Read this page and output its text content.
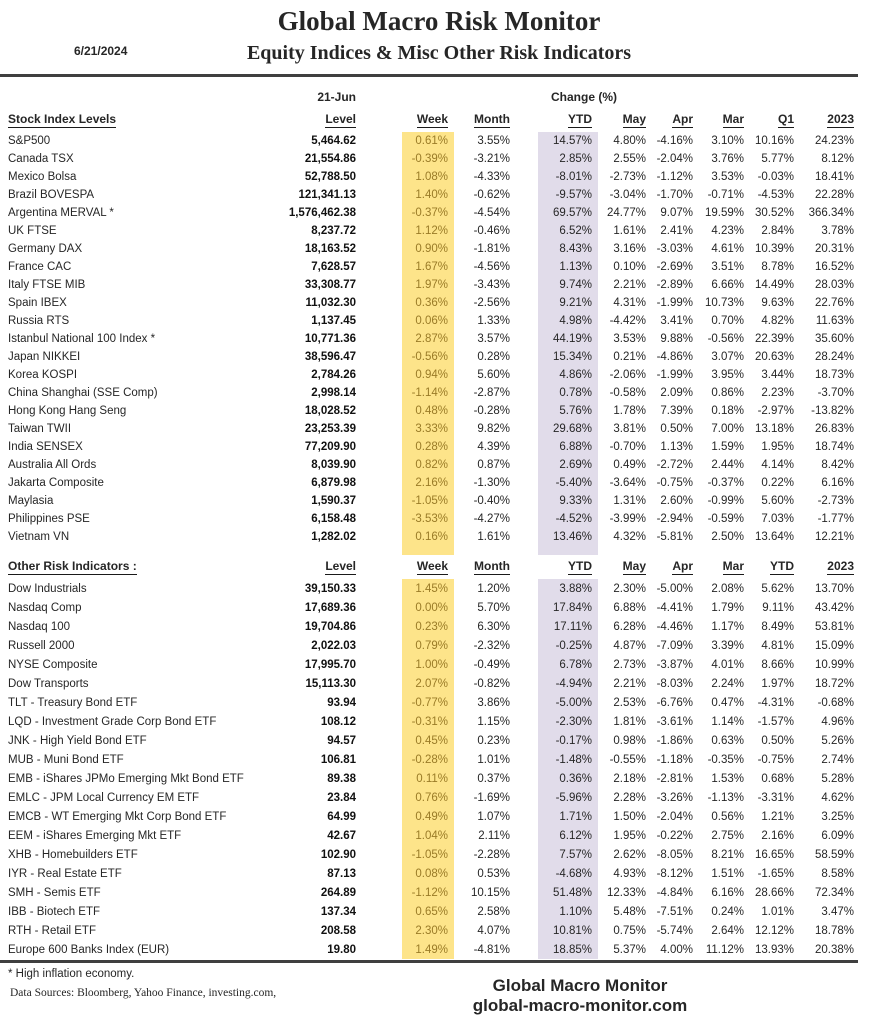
6/21/2024
Global Macro Risk Monitor
Equity Indices & Misc Other Risk Indicators
	21-Jun				Change (%)						
Stock Index Levels	Level		Week	Month		YTD	May	Apr	Mar	Q1	2023
S&P500	5,464.62		0.61%	3.55%		14.57%	4.80%	-4.16%	3.10%	10.16%	24.23%
Canada TSX	21,554.86		-0.39%	-3.21%		2.85%	2.55%	-2.04%	3.76%	5.77%	8.12%
Mexico Bolsa	52,788.50		1.08%	-4.33%		-8.01%	-2.73%	-1.12%	3.53%	-0.03%	18.41%
Brazil BOVESPA	121,341.13		1.40%	-0.62%		-9.57%	-3.04%	-1.70%	-0.71%	-4.53%	22.28%
Argentina MERVAL *	1,576,462.38		-0.37%	-4.54%		69.57%	24.77%	9.07%	19.59%	30.52%	366.34%
UK FTSE	8,237.72		1.12%	-0.46%		6.52%	1.61%	2.41%	4.23%	2.84%	3.78%
Germany DAX	18,163.52		0.90%	-1.81%		8.43%	3.16%	-3.03%	4.61%	10.39%	20.31%
France CAC	7,628.57		1.67%	-4.56%		1.13%	0.10%	-2.69%	3.51%	8.78%	16.52%
Italy FTSE MIB	33,308.77		1.97%	-3.43%		9.74%	2.21%	-2.89%	6.66%	14.49%	28.03%
Spain IBEX	11,032.30		0.36%	-2.56%		9.21%	4.31%	-1.99%	10.73%	9.63%	22.76%
Russia RTS	1,137.45		0.06%	1.33%		4.98%	-4.42%	3.41%	0.70%	4.82%	11.63%
Istanbul National 100 Index *	10,771.36		2.87%	3.57%		44.19%	3.53%	9.88%	-0.56%	22.39%	35.60%
Japan NIKKEI	38,596.47		-0.56%	0.28%		15.34%	0.21%	-4.86%	3.07%	20.63%	28.24%
Korea KOSPI	2,784.26		0.94%	5.60%		4.86%	-2.06%	-1.99%	3.95%	3.44%	18.73%
China Shanghai (SSE Comp)	2,998.14		-1.14%	-2.87%		0.78%	-0.58%	2.09%	0.86%	2.23%	-3.70%
Hong Kong Hang Seng	18,028.52		0.48%	-0.28%		5.76%	1.78%	7.39%	0.18%	-2.97%	-13.82%
Taiwan TWII	23,253.39		3.33%	9.82%		29.68%	3.81%	0.50%	7.00%	13.18%	26.83%
India SENSEX	77,209.90		0.28%	4.39%		6.88%	-0.70%	1.13%	1.59%	1.95%	18.74%
Australia All Ords	8,039.90		0.82%	0.87%		2.69%	0.49%	-2.72%	2.44%	4.14%	8.42%
Jakarta Composite	6,879.98		2.16%	-1.30%		-5.40%	-3.64%	-0.75%	-0.37%	0.22%	6.16%
Maylasia	1,590.37		-1.05%	-0.40%		9.33%	1.31%	2.60%	-0.99%	5.60%	-2.73%
Philippines PSE	6,158.48		-3.53%	-4.27%		-4.52%	-3.99%	-2.94%	-0.59%	7.03%	-1.77%
Vietnam VN	1,282.02		0.16%	1.61%		13.46%	4.32%	-5.81%	2.50%	13.64%	12.21%

Other Risk Indicators :	Level		Week	Month		YTD	May	Apr	Mar	YTD	2023
Dow Industrials	39,150.33		1.45%	1.20%		3.88%	2.30%	-5.00%	2.08%	5.62%	13.70%
Nasdaq Comp	17,689.36		0.00%	5.70%		17.84%	6.88%	-4.41%	1.79%	9.11%	43.42%
Nasdaq 100	19,704.86		0.23%	6.30%		17.11%	6.28%	-4.46%	1.17%	8.49%	53.81%
Russell 2000	2,022.03		0.79%	-2.32%		-0.25%	4.87%	-7.09%	3.39%	4.81%	15.09%
NYSE Composite	17,995.70		1.00%	-0.49%		6.78%	2.73%	-3.87%	4.01%	8.66%	10.99%
Dow Transports	15,113.30		2.07%	-0.82%		-4.94%	2.21%	-8.03%	2.24%	1.97%	18.72%
TLT - Treasury Bond ETF	93.94		-0.77%	3.86%		-5.00%	2.53%	-6.76%	0.47%	-4.31%	-0.68%
LQD - Investment Grade Corp Bond ETF	108.12		-0.31%	1.15%		-2.30%	1.81%	-3.61%	1.14%	-1.57%	4.96%
JNK - High Yield Bond ETF	94.57		0.45%	0.23%		-0.17%	0.98%	-1.86%	0.63%	0.50%	5.26%
MUB - Muni Bond ETF	106.81		-0.28%	1.01%		-1.48%	-0.55%	-1.18%	-0.35%	-0.75%	2.74%
EMB - iShares JPMo Emerging Mkt Bond ETF	89.38		0.11%	0.37%		0.36%	2.18%	-2.81%	1.53%	0.68%	5.28%
EMLC - JPM Local Currency EM ETF	23.84		0.76%	-1.69%		-5.96%	2.28%	-3.26%	-1.13%	-3.31%	4.62%
EMCB - WT Emerging Mkt Corp Bond ETF	64.99		0.49%	1.07%		1.71%	1.50%	-2.04%	0.56%	1.21%	3.25%
EEM - iShares Emerging Mkt ETF	42.67		1.04%	2.11%		6.12%	1.95%	-0.22%	2.75%	2.16%	6.09%
XHB - Homebuilders ETF	102.90		-1.05%	-2.28%		7.57%	2.62%	-8.05%	8.21%	16.65%	58.59%
IYR - Real Estate ETF	87.13		0.08%	0.53%		-4.68%	4.93%	-8.12%	1.51%	-1.65%	8.58%
SMH - Semis ETF	264.89		-1.12%	10.15%		51.48%	12.33%	-4.84%	6.16%	28.66%	72.34%
IBB - Biotech ETF	137.34		0.65%	2.58%		1.10%	5.48%	-7.51%	0.24%	1.01%	3.47%
RTH - Retail ETF	208.58		2.30%	4.07%		10.81%	0.75%	-5.74%	2.64%	12.12%	18.78%
Europe 600 Banks Index (EUR)	19.80		1.49%	-4.81%		18.85%	5.37%	4.00%	11.12%	13.93%	20.38%
* High inflation economy.
Data Sources: Bloomberg, Yahoo Finance, investing.com,	Global Macro Monitor
global-macro-monitor.com
